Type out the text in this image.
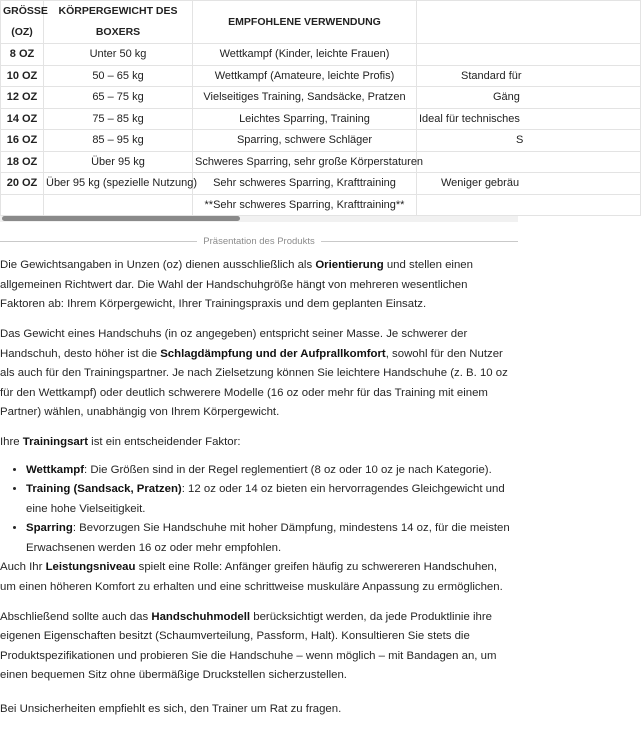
GRÖSSE (OZ)	KÖRPERGEWICHT DES BOXERS	EMPFOHLENE VERWENDUNG	
8 OZ	Unter 50 kg	Wettkampf (Kinder, leichte Frauen)	
10 OZ	50 – 65 kg	Wettkampf (Amateure, leichte Profis)	Standard für
12 OZ	65 – 75 kg	Vielseitiges Training, Sandsäcke, Pratzen	Gäng
14 OZ	75 – 85 kg	Leichtes Sparring, Training	Ideal für technisches
16 OZ	85 – 95 kg	Sparring, schwere Schläger	S
18 OZ	Über 95 kg	Schweres Sparring, sehr große Körperstaturen	
20 OZ	Über 95 kg (spezielle Nutzung)	Sehr schweres Sparring, Krafttraining	Weniger gebräu
		**Sehr schweres Sparring, Krafttraining**	
Präsentation des Produkts

Die Gewichtsangaben in Unzen (oz) dienen ausschließlich als Orientierung und stellen einen allgemeinen Richtwert dar. Die Wahl der Handschuhgröße hängt von mehreren wesentlichen Faktoren ab: Ihrem Körpergewicht, Ihrer Trainingspraxis und dem geplanten Einsatz.

Das Gewicht eines Handschuhs (in oz angegeben) entspricht seiner Masse. Je schwerer der Handschuh, desto höher ist die Schlagdämpfung und der Aufprallkomfort, sowohl für den Nutzer als auch für den Trainingspartner. Je nach Zielsetzung können Sie leichtere Handschuhe (z. B. 10 oz für den Wettkampf) oder deutlich schwerere Modelle (16 oz oder mehr für das Training mit einem Partner) wählen, unabhängig von Ihrem Körpergewicht.

Ihre Trainingsart ist ein entscheidender Faktor:

• Wettkampf: Die Größen sind in der Regel reglementiert (8 oz oder 10 oz je nach Kategorie).
• Training (Sandsack, Pratzen): 12 oz oder 14 oz bieten ein hervorragendes Gleichgewicht und eine hohe Vielseitigkeit.
• Sparring: Bevorzugen Sie Handschuhe mit hoher Dämpfung, mindestens 14 oz, für die meisten Erwachsenen werden 16 oz oder mehr empfohlen.

Auch Ihr Leistungsniveau spielt eine Rolle: Anfänger greifen häufig zu schwereren Handschuhen, um einen höheren Komfort zu erhalten und eine schrittweise muskuläre Anpassung zu ermöglichen.

Abschließend sollte auch das Handschuhmodell berücksichtigt werden, da jede Produktlinie ihre eigenen Eigenschaften besitzt (Schaumverteilung, Passform, Halt). Konsultieren Sie stets die Produktspezifikationen und probieren Sie die Handschuhe – wenn möglich – mit Bandagen an, um einen bequemen Sitz ohne übermäßige Druckstellen sicherzustellen.

Bei Unsicherheiten empfiehlt es sich, den Trainer um Rat zu fragen.
